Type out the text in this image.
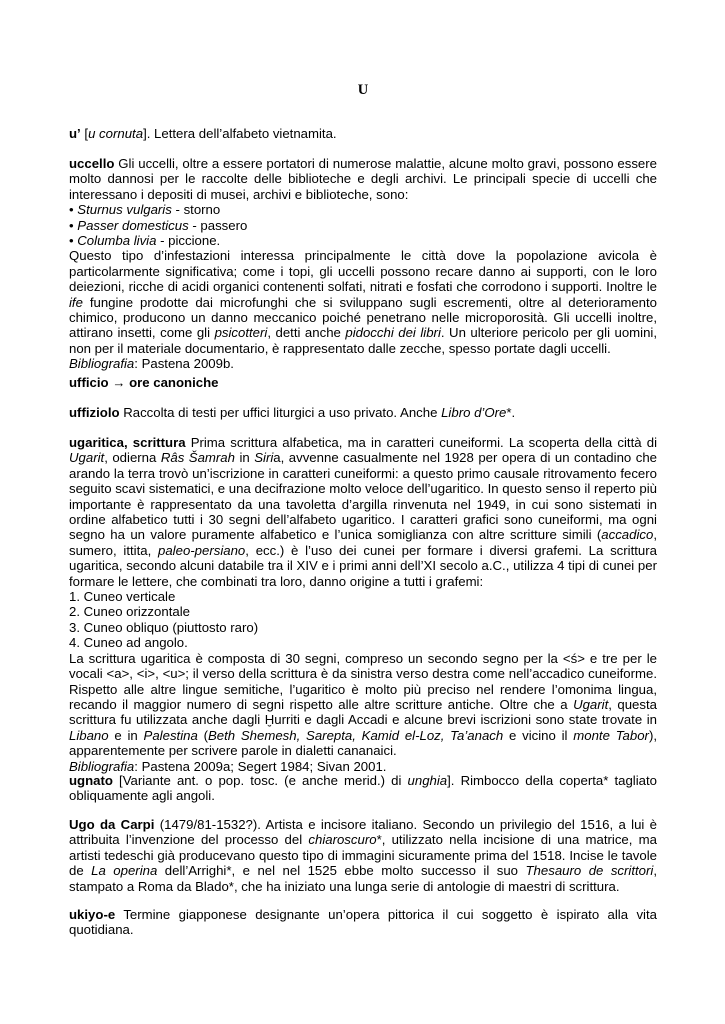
U

u’ [u cornuta]. Lettera dell’alfabeto vietnamita.

uccello Gli uccelli, oltre a essere portatori di numerose malattie, alcune molto gravi, possono essere molto dannosi per le raccolte delle biblioteche e degli archivi. Le principali specie di uccelli che interessano i depositi di musei, archivi e biblioteche, sono:

• Sturnus vulgaris - storno

• Passer domesticus - passero

• Columba livia - piccione.

Questo tipo d’infestazioni interessa principalmente le città dove la popolazione avicola è particolarmente significativa; come i topi, gli uccelli possono recare danno ai supporti, con le loro deiezioni, ricche di acidi organici contenenti solfati, nitrati e fosfati che corrodono i supporti. Inoltre le ife fungine prodotte dai microfunghi che si sviluppano sugli escrementi, oltre al deterioramento chimico, producono un danno meccanico poiché penetrano nelle microporosità. Gli uccelli inoltre, attirano insetti, come gli psicotteri, detti anche pidocchi dei libri. Un ulteriore pericolo per gli uomini, non per il materiale documentario, è rappresentato dalle zecche, spesso portate dagli uccelli.

Bibliografia: Pastena 2009b.

ufficio → ore canoniche

uffiziolo Raccolta di testi per uffici liturgici a uso privato. Anche Libro d’Ore*.

ugaritica, scrittura Prima scrittura alfabetica, ma in caratteri cuneiformi. La scoperta della città di Ugarit, odierna Râs Šamrah in Siria, avvenne casualmente nel 1928 per opera di un contadino che arando la terra trovò un’iscrizione in caratteri cuneiformi: a questo primo causale ritrovamento fecero seguito scavi sistematici, e una decifrazione molto veloce dell’ugaritico. In questo senso il reperto più importante è rappresentato da una tavoletta d’argilla rinvenuta nel 1949, in cui sono sistemati in ordine alfabetico tutti i 30 segni dell’alfabeto ugaritico. I caratteri grafici sono cuneiformi, ma ogni segno ha un valore puramente alfabetico e l’unica somiglianza con altre scritture simili (accadico, sumero, ittita, paleo-persiano, ecc.) è l’uso dei cunei per formare i diversi grafemi. La scrittura ugaritica, secondo alcuni databile tra il XIV e i primi anni dell’XI secolo a.C., utilizza 4 tipi di cunei per formare le lettere, che combinati tra loro, danno origine a tutti i grafemi:

1. Cuneo verticale

2. Cuneo orizzontale

3. Cuneo obliquo (piuttosto raro)

4. Cuneo ad angolo.

La scrittura ugaritica è composta di 30 segni, compreso un secondo segno per la <ś> e tre per le vocali <a>, <i>, <u>; il verso della scrittura è da sinistra verso destra come nell’accadico cuneiforme. Rispetto alle altre lingue semitiche, l’ugaritico è molto più preciso nel rendere l’omonima lingua, recando il maggior numero di segni rispetto alle altre scritture antiche. Oltre che a Ugarit, questa scrittura fu utilizzata anche dagli Ḫurriti e dagli Accadi e alcune brevi iscrizioni sono state trovate in Libano e in Palestina (Beth Shemesh, Sarepta, Kamid el-Loz, Ta’anach e vicino il monte Tabor), apparentemente per scrivere parole in dialetti cananaici.

Bibliografia: Pastena 2009a; Segert 1984; Sivan 2001.

ugnato [Variante ant. o pop. tosc. (e anche merid.) di unghia]. Rimbocco della coperta* tagliato obliquamente agli angoli.

Ugo da Carpi (1479/81-1532?). Artista e incisore italiano. Secondo un privilegio del 1516, a lui è attribuita l’invenzione del processo del chiaroscuro*, utilizzato nella incisione di una matrice, ma artisti tedeschi già producevano questo tipo di immagini sicuramente prima del 1518. Incise le tavole de La operina dell’Arrighi*, e nel nel 1525 ebbe molto successo il suo Thesauro de scrittori, stampato a Roma da Blado*, che ha iniziato una lunga serie di antologie di maestri di scrittura.

ukiyo-e Termine giapponese designante un’opera pittorica il cui soggetto è ispirato alla vita quotidiana.
